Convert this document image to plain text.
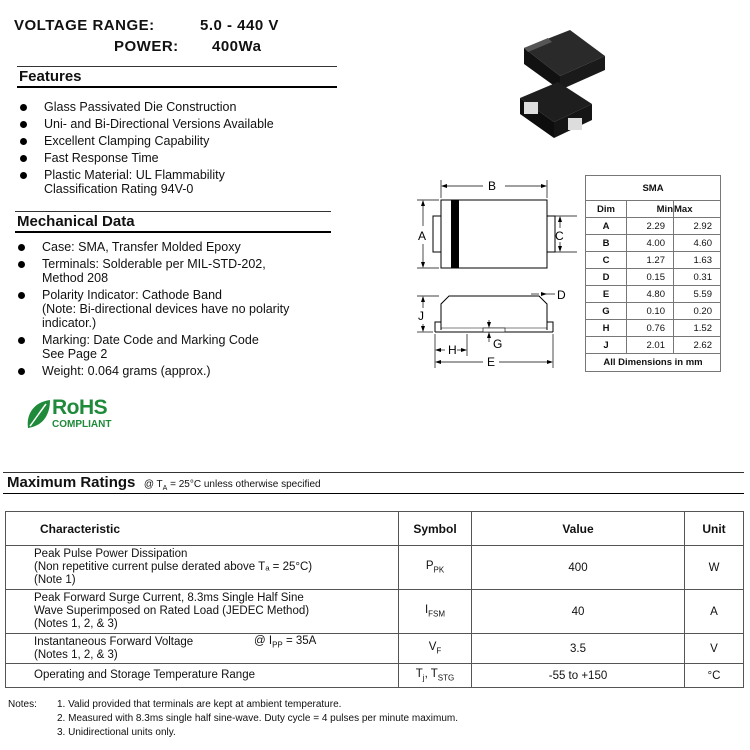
VOLTAGE RANGE:	5.0 - 440 V
POWER: 400Wa
Features
Glass Passivated Die Construction
Uni- and Bi-Directional Versions Available
Excellent Clamping Capability
Fast Response Time
Plastic Material: UL Flammability
Classification Rating 94V-0
Mechanical Data
Case: SMA, Transfer Molded Epoxy
Terminals: Solderable per MIL-STD-202,
Method 208
Polarity Indicator: Cathode Band
(Note: Bi-directional devices have no polarity
indicator.)
Marking: Date Code and Marking Code
See Page 2
Weight: 0.064 grams (approx.)
RoHS
COMPLIANT
B
A	C
D
J
G
H
E
SMA		
Dim	Min	Max
A	2.29	2.92
B	4.00	4.60
C	1.27	1.63
D	0.15	0.31
E	4.80	5.59
G	0.10	0.20
H	0.76	1.52
J	2.01	2.62
All Dimensions in mm		
Maximum Ratings @ $T_A = 25^\circ C$ unless otherwise specified
Characteristic	Symbol	Value	Unit
Peak Pulse Power Dissipation
(Non repetitive current pulse derated above Tₐ = 25°C)
(Note 1)	$P_{PK}$	400	W
Peak Forward Surge Current, 8.3ms Single Half Sine
Wave Superimposed on Rated Load (JEDEC Method)
(Notes 1, 2, & 3)	$I_{FSM}$	40	A
Instantaneous Forward Voltage
(Notes 1, 2, & 3)
@ $I_{PP} = 35A$	$V_F$	3.5	V
Operating and Storage Temperature Range	$T_j$, $T_{STG}$	-55 to +150	°C
Notes: 1. Valid provided that terminals are kept at ambient temperature.
2. Measured with 8.3ms single half sine-wave. Duty cycle = 4 pulses per minute maximum.
3. Unidirectional units only.
